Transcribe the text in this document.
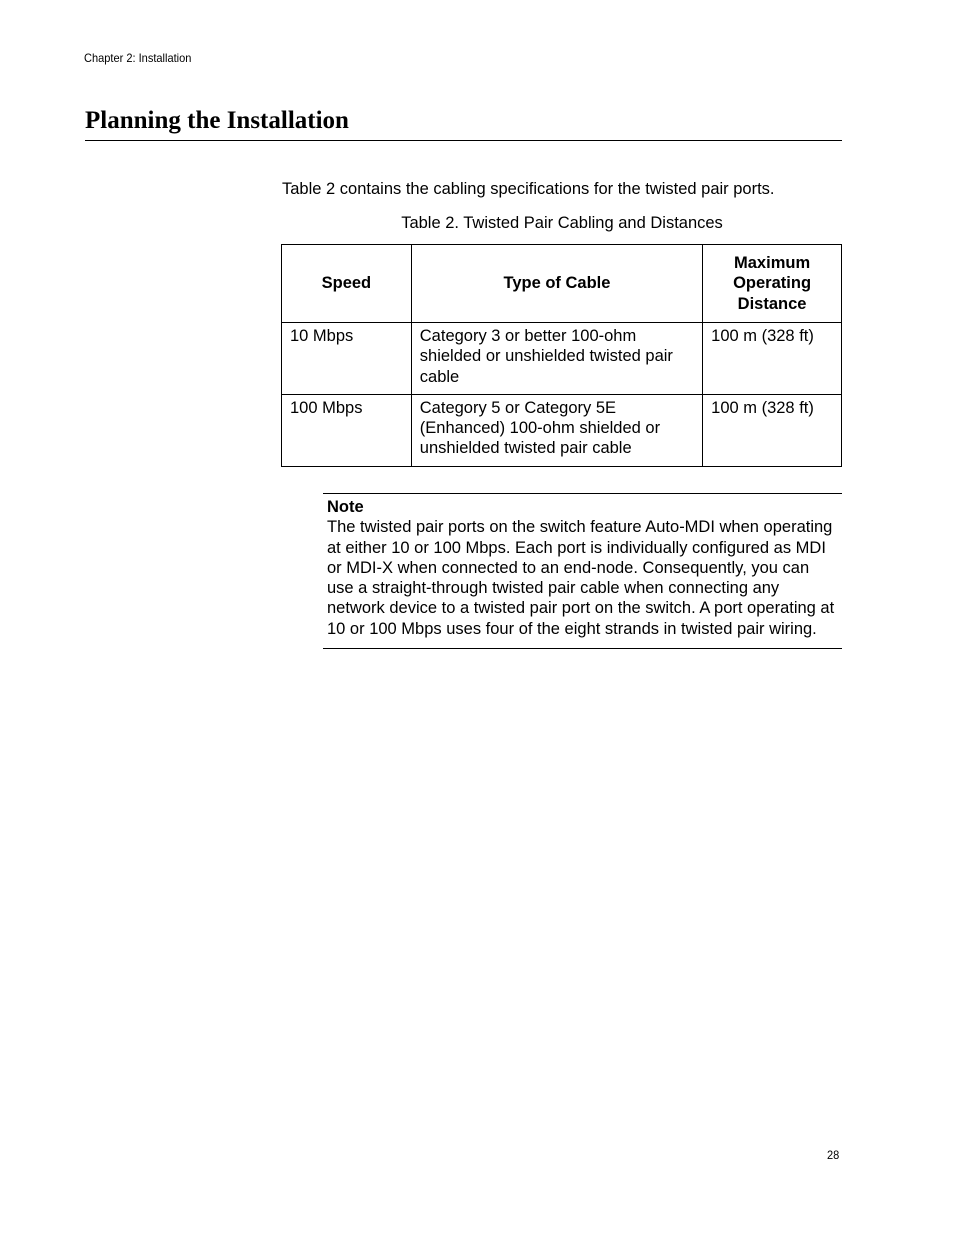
Chapter 2: Installation
Planning the Installation

Table 2 contains the cabling specifications for the twisted pair ports.

Table 2. Twisted Pair Cabling and Distances
Speed	Type of Cable	Maximum
Operating
Distance
10 Mbps	Category 3 or better 100-ohm shielded or unshielded twisted pair cable	100 m (328 ft)
100 Mbps	Category 5 or Category 5E (Enhanced) 100-ohm shielded or unshielded twisted pair cable	100 m (328 ft)
Note

The twisted pair ports on the switch feature Auto-MDI when operating at either 10 or 100 Mbps. Each port is individually configured as MDI or MDI-X when connected to an end-node. Consequently, you can use a straight-through twisted pair cable when connecting any network device to a twisted pair port on the switch. A port operating at 10 or 100 Mbps uses four of the eight strands in twisted pair wiring.

28
